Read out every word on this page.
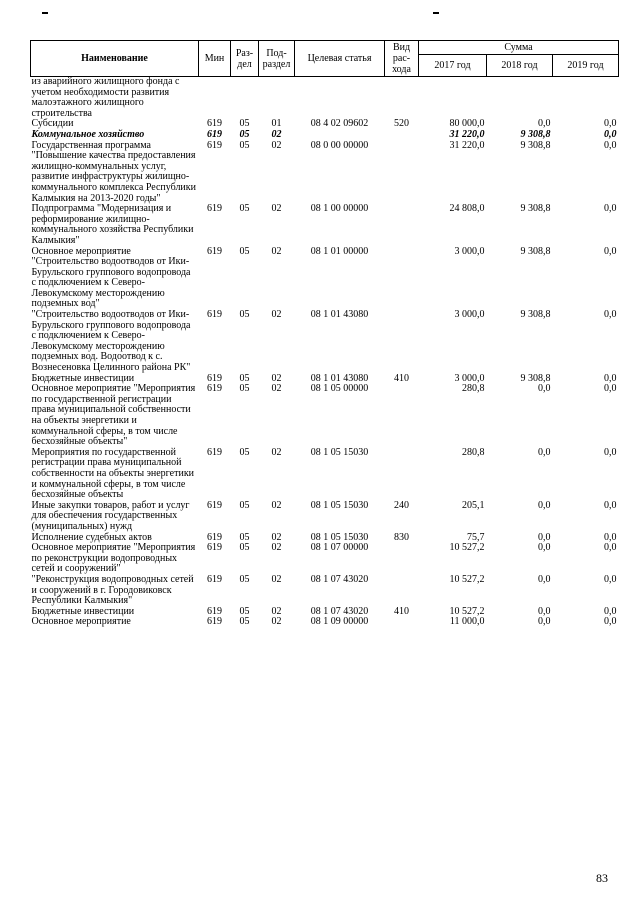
Наименование	Мин	Раз-дел	Под-раздел	Целевая статья	Вид рас-хода	Сумма		
						2017 год	2018 год	2019 год
из аварийного жилищного фонда с учетом необходимости развития малоэтажного жилищного строительства								
Субсидии	619	05	01	08 4 02 09602	520	80 000,0	0,0	0,0
Коммунальное хозяйство	619	05	02			31 220,0	9 308,8	0,0
Государственная программа "Повышение качества предоставления жилищно-коммунальных услуг, развитие инфраструктуры жилищно-коммунального комплекса Республики Калмыкия на 2013-2020 годы"	619	05	02	08 0 00 00000		31 220,0	9 308,8	0,0
Подпрограмма "Модернизация и реформирование жилищно-коммунального хозяйства Республики Калмыкия"	619	05	02	08 1 00 00000		24 808,0	9 308,8	0,0
Основное мероприятие "Строительство водоотводов от Ики-Бурульского группового водопровода с подключением к Северо-Левокумскому месторождению подземных вод"	619	05	02	08 1 01 00000		3 000,0	9 308,8	0,0
"Строительство водоотводов от Ики-Бурульского группового водопровода с подключением к Северо-Левокумскому месторождению подземных вод. Водоотвод к с. Вознесеновка Целинного района РК"	619	05	02	08 1 01 43080		3 000,0	9 308,8	0,0
Бюджетные инвестиции	619	05	02	08 1 01 43080	410	3 000,0	9 308,8	0,0
Основное мероприятие "Мероприятия по государственной регистрации права муниципальной собственности на объекты энергетики и коммунальной сферы, в том числе бесхозяйные объекты"	619	05	02	08 1 05 00000		280,8	0,0	0,0
Мероприятия по государственной регистрации права муниципальной собственности на объекты энергетики и коммунальной сферы, в том числе бесхозяйные объекты	619	05	02	08 1 05 15030		280,8	0,0	0,0
Иные закупки товаров, работ и услуг для обеспечения государственных (муниципальных) нужд	619	05	02	08 1 05 15030	240	205,1	0,0	0,0
Исполнение судебных актов	619	05	02	08 1 05 15030	830	75,7	0,0	0,0
Основное мероприятие "Мероприятия по реконструкции водопроводных сетей и сооружений"	619	05	02	08 1 07 00000		10 527,2	0,0	0,0
"Реконструкция водопроводных сетей и сооружений в г. Городовиковск Республики Калмыкия"	619	05	02	08 1 07 43020		10 527,2	0,0	0,0
Бюджетные инвестиции	619	05	02	08 1 07 43020	410	10 527,2	0,0	0,0
Основное мероприятие	619	05	02	08 1 09 00000		11 000,0	0,0	0,0
83
